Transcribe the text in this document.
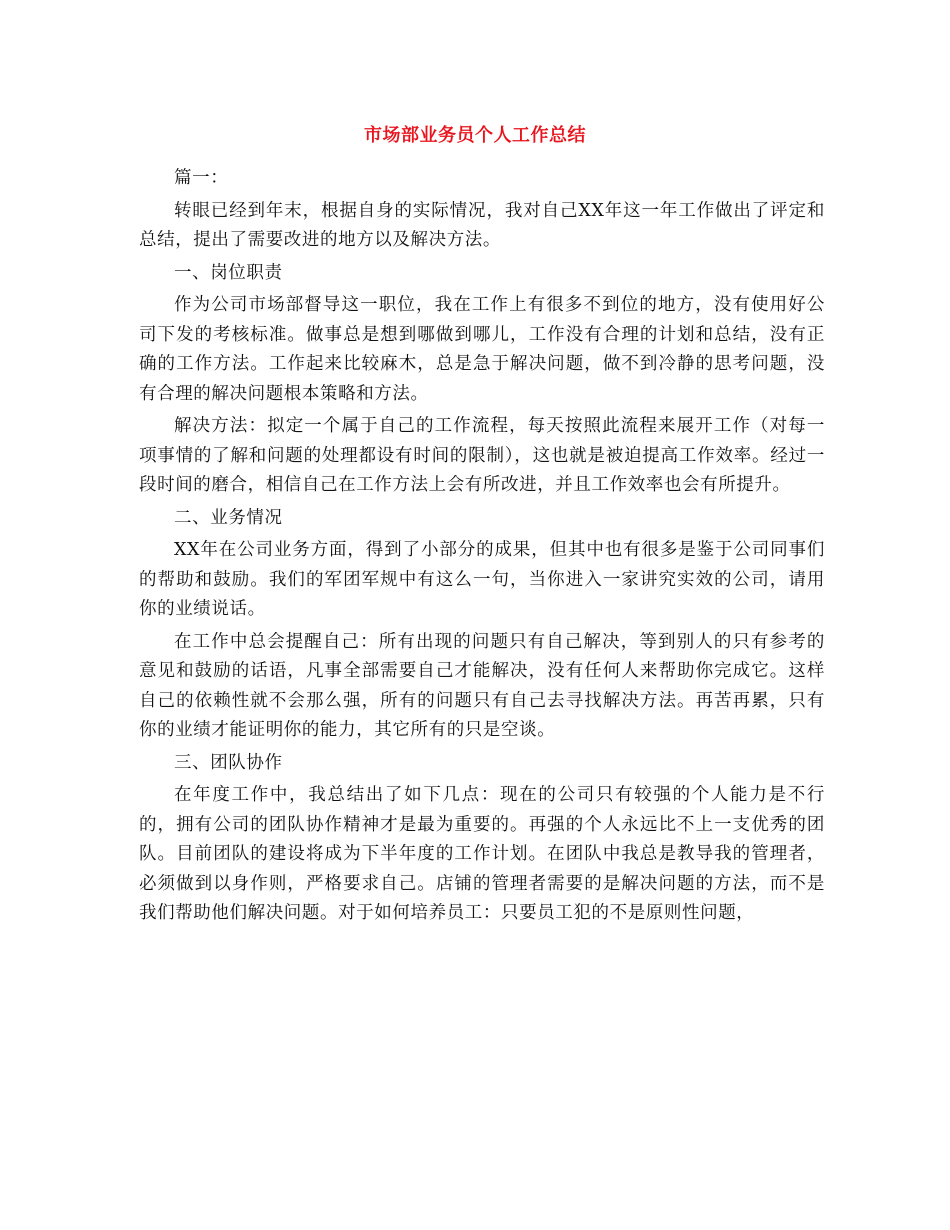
市场部业务员个人工作总结

篇一：

转眼已经到年末，根据自身的实际情况，我对自己XX年这一年工作做出了评定和总结，提出了需要改进的地方以及解决方法。

一、岗位职责

作为公司市场部督导这一职位，我在工作上有很多不到位的地方，没有使用好公司下发的考核标准。做事总是想到哪做到哪儿，工作没有合理的计划和总结，没有正确的工作方法。工作起来比较麻木，总是急于解决问题，做不到冷静的思考问题，没有合理的解决问题根本策略和方法。

解决方法：拟定一个属于自己的工作流程，每天按照此流程来展开工作（对每一项事情的了解和问题的处理都设有时间的限制），这也就是被迫提高工作效率。经过一段时间的磨合，相信自己在工作方法上会有所改进，并且工作效率也会有所提升。

二、业务情况

XX年在公司业务方面，得到了小部分的成果，但其中也有很多是鉴于公司同事们的帮助和鼓励。我们的军团军规中有这么一句，当你进入一家讲究实效的公司，请用你的业绩说话。

在工作中总会提醒自己：所有出现的问题只有自己解决，等到别人的只有参考的意见和鼓励的话语，凡事全部需要自己才能解决，没有任何人来帮助你完成它。这样自己的依赖性就不会那么强，所有的问题只有自己去寻找解决方法。再苦再累，只有你的业绩才能证明你的能力，其它所有的只是空谈。

三、团队协作

在年度工作中，我总结出了如下几点：现在的公司只有较强的个人能力是不行的，拥有公司的团队协作精神才是最为重要的。再强的个人永远比不上一支优秀的团队。目前团队的建设将成为下半年度的工作计划。在团队中我总是教导我的管理者，必须做到以身作则，严格要求自己。店铺的管理者需要的是解决问题的方法，而不是我们帮助他们解决问题。对于如何培养员工：只要员工犯的不是原则性问题，
